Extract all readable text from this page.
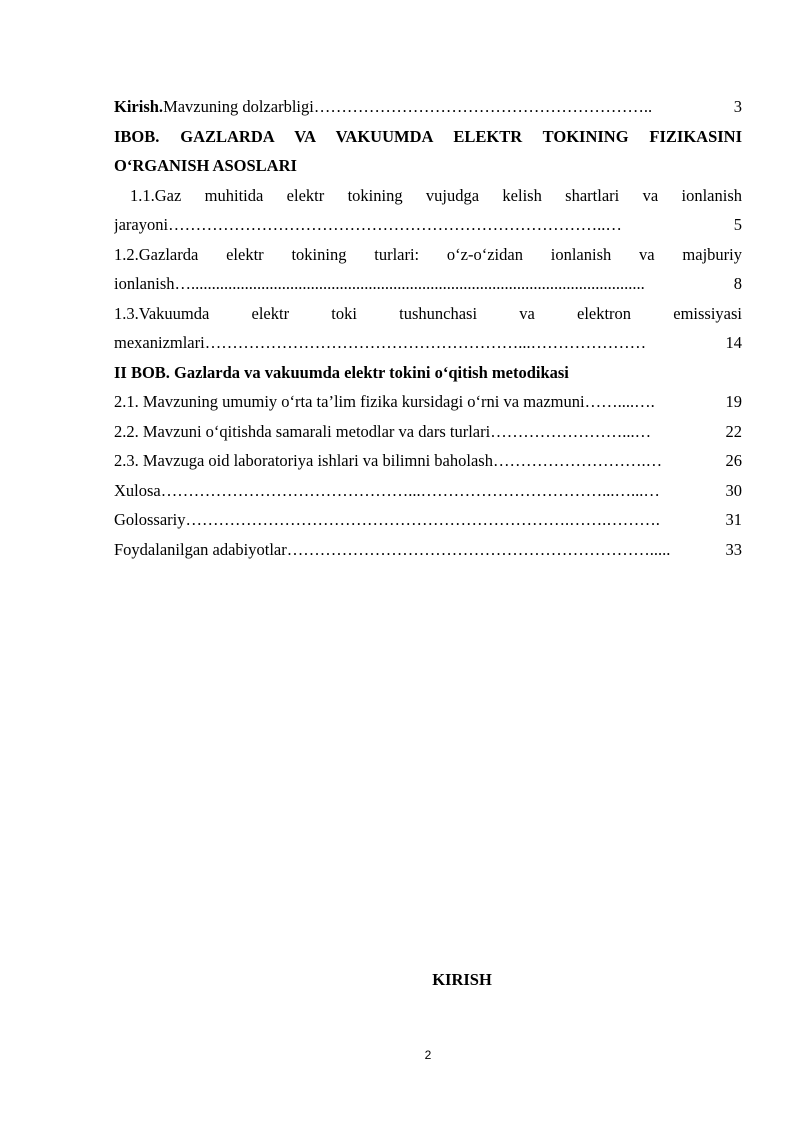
Kirish.Mavzuning dolzarbligi ……………………………………………………..	3
IBOB. GAZLARDA VA VAKUUMDA ELEKTR TOKINING FIZIKASINI
O‘RGANISH ASOSLARI
1.1.Gaz muhitida elektr tokining vujudga kelish shartlari va ionlanish
jarayoni ……………………………………………………………………..…	5
1.2.Gazlarda elektr tokining turlari: o‘z-o‘zidan ionlanish va majburiy
ionlanish… ..............................................................................................................	8
1.3.Vakuumda elektr toki tushunchasi va elektron emissiyasi
mexanizmlari …………………………………………………...…………………	14
II BOB. Gazlarda va vakuumda elektr tokini o‘qitish metodikasi
2.1. Mavzuning umumiy o‘rta ta’lim fizika kursidagi o‘rni va mazmuni ……....….	19
2.2. Mavzuni o‘qitishda samarali metodlar va dars turlari ……………………...…	22
2.3. Mavzuga oid laboratoriya ishlari va bilimni baholash ……………………….…	26
Xulosa ………………………………………...……………………………...…...…	30
Golossariy …………………………………………………………….…….……….	31
Foydalanilgan adabiyotlar ………………………………………………………….....	33
KIRISH
2
